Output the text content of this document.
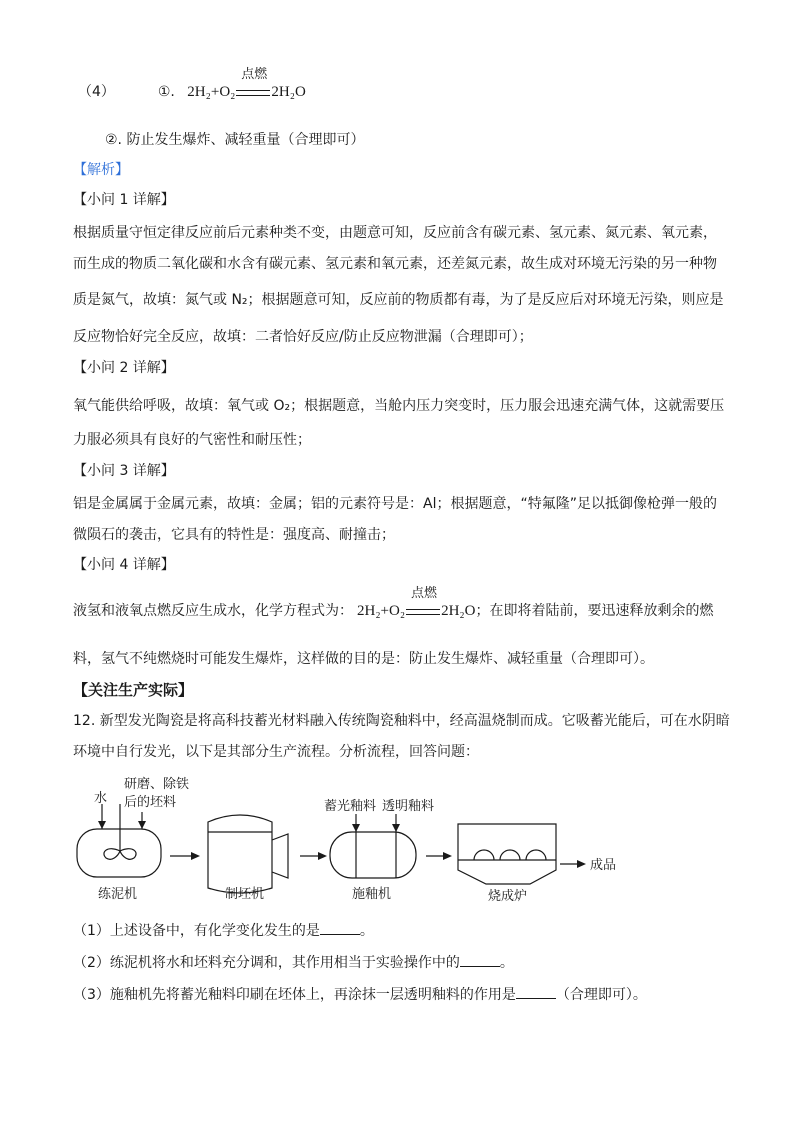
（4）	①. 2H₂+O₂ 2H₂O
点燃
②. 防止发生爆炸、减轻重量（合理即可）
【解析】
【小问 1 详解】
根据质量守恒定律反应前后元素种类不变，由题意可知，反应前含有碳元素、氢元素、氮元素、氧元素，
而生成的物质二氧化碳和水含有碳元素、氢元素和氧元素，还差氮元素，故生成对环境无污染的另一种物
质是氮气，故填：氮气或 N₂；根据题意可知，反应前的物质都有毒，为了是反应后对环境无污染，则应是
反应物恰好完全反应，故填：二者恰好反应/防止反应物泄漏（合理即可）；
【小问 2 详解】
氧气能供给呼吸，故填：氧气或 O₂；根据题意，当舱内压力突变时，压力服会迅速充满气体，这就需要压
力服必须具有良好的气密性和耐压性；
【小问 3 详解】
铝是金属属于金属元素，故填：金属；铝的元素符号是：Al；根据题意，“特氟隆”足以抵御像枪弹一般的
微陨石的袭击，它具有的特性是：强度高、耐撞击；
【小问 4 详解】
液氢和液氧点燃反应生成水，化学方程式为： 2H₂+O₂ 2H₂O
点燃
；在即将着陆前，要迅速释放剩余的燃
料，氢气不纯燃烧时可能发生爆炸，这样做的目的是：防止发生爆炸、减轻重量（合理即可）。
【关注生产实际】
12. 新型发光陶瓷是将高科技蓄光材料融入传统陶瓷釉料中，经高温烧制而成。它吸蓄光能后，可在水阴暗
环境中自行发光，以下是其部分生产流程。分析流程，回答问题：
水
研磨、除铁
后的坯料
练泥机	制坯机
蓄光釉料 透明釉料
施釉机	烧成炉
成品
（1）上述设备中，有化学变化发生的是	。
（2）练泥机将水和坯料充分调和，其作用相当于实验操作中的	。
（3）施釉机先将蓄光釉料印刷在坯体上，再涂抹一层透明釉料的作用是	（合理即可）。
